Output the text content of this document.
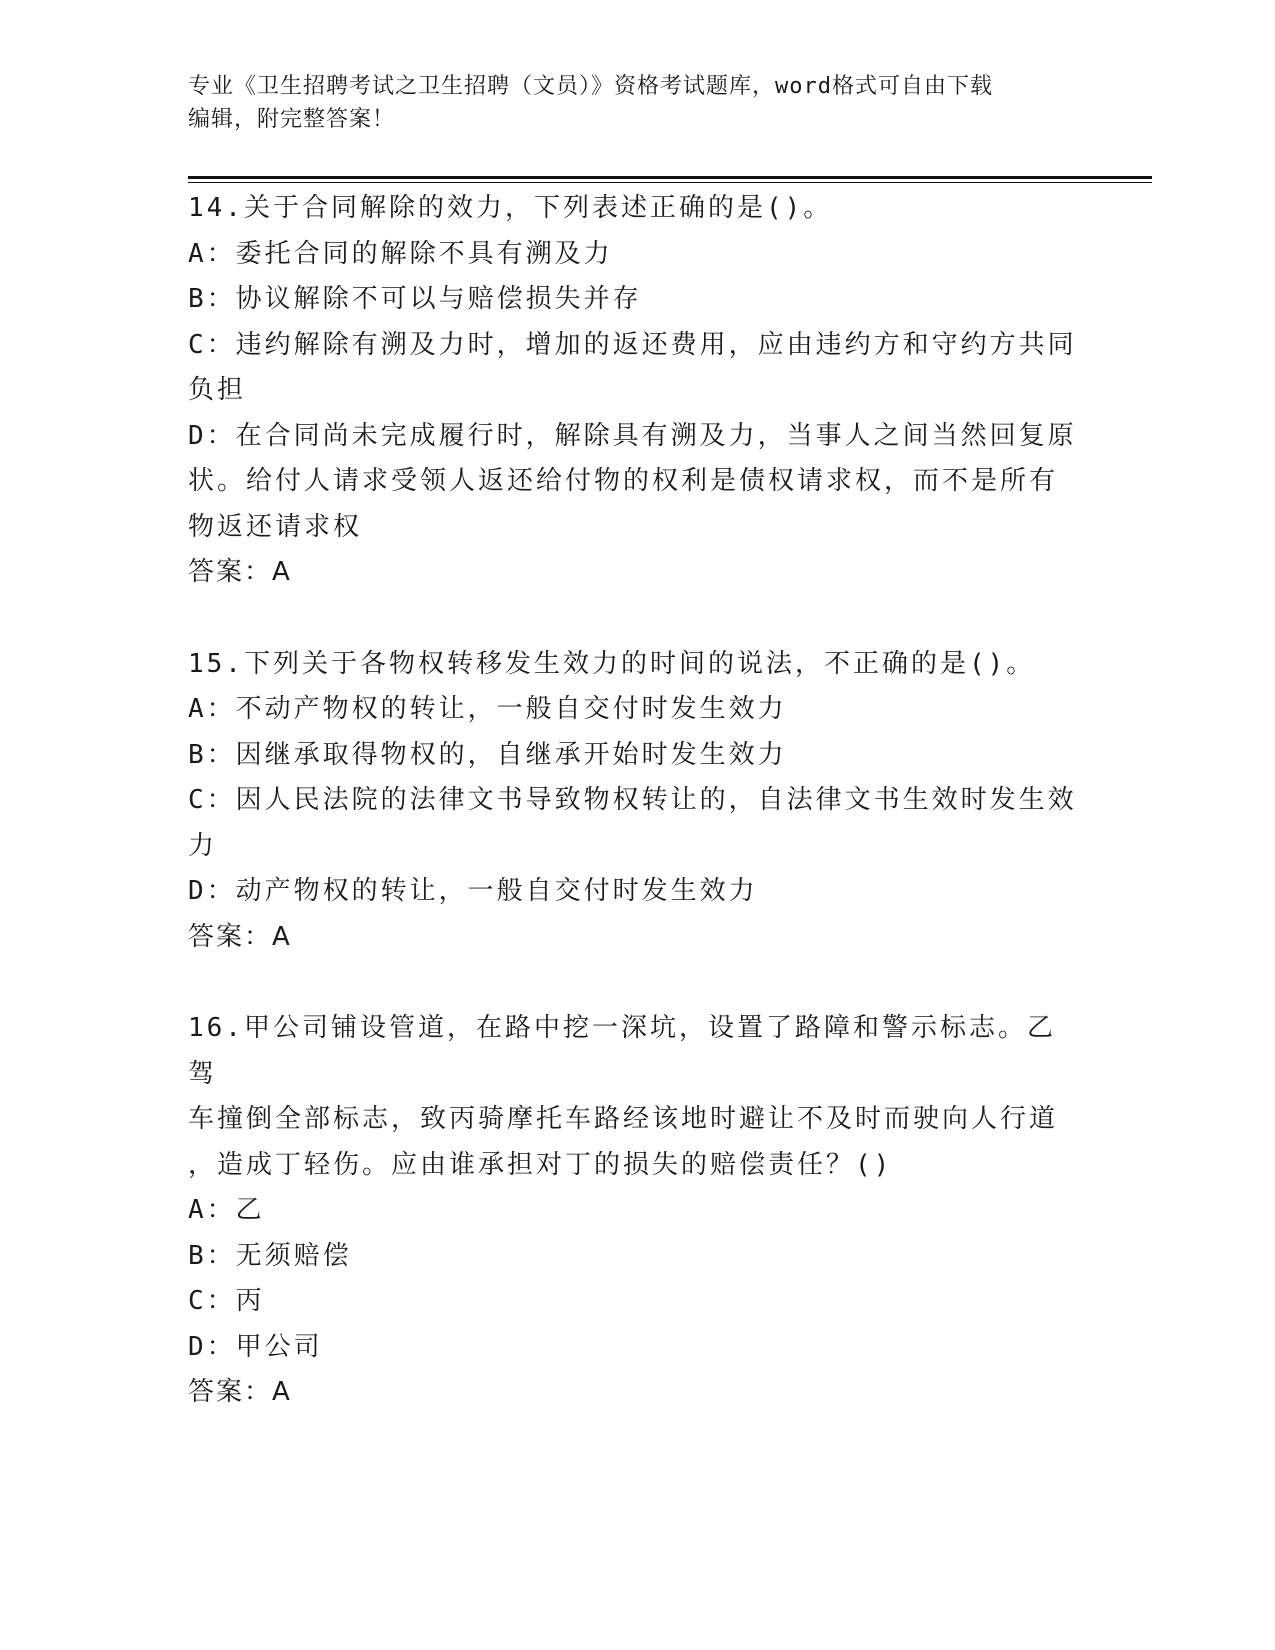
专业《卫生招聘考试之卫生招聘（文员）》资格考试题库，word格式可自由下载
编辑，附完整答案！

14.关于合同解除的效力，下列表述正确的是()。

A：委托合同的解除不具有溯及力

B：协议解除不可以与赔偿损失并存

C：违约解除有溯及力时，增加的返还费用，应由违约方和守约方共同

负担

D：在合同尚未完成履行时，解除具有溯及力，当事人之间当然回复原

状。给付人请求受领人返还给付物的权利是债权请求权，而不是所有

物返还请求权

答案：A

15.下列关于各物权转移发生效力的时间的说法，不正确的是()。

A：不动产物权的转让，一般自交付时发生效力

B：因继承取得物权的，自继承开始时发生效力

C：因人民法院的法律文书导致物权转让的，自法律文书生效时发生效

力

D：动产物权的转让，一般自交付时发生效力

答案：A

16.甲公司铺设管道，在路中挖一深坑，设置了路障和警示标志。乙驾

车撞倒全部标志，致丙骑摩托车路经该地时避让不及时而驶向人行道

，造成丁轻伤。应由谁承担对丁的损失的赔偿责任？()

A：乙

B：无须赔偿

C：丙

D：甲公司

答案：A
